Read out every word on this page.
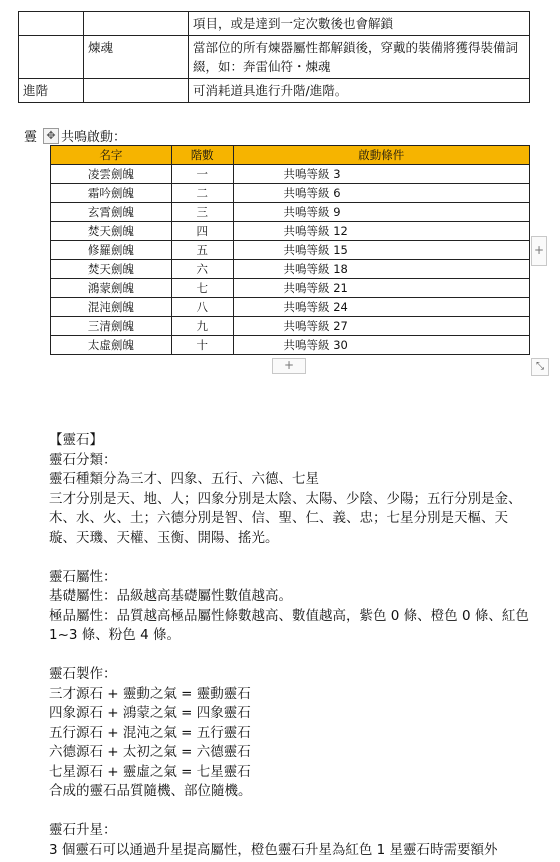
		項目，或是達到一定次數後也會解鎖
	煉魂	當部位的所有煉器屬性都解鎖後，穿戴的裝備將獲得裝備詞綴，如：奔雷仙符・煉魂
進階		可消耗道具進行升階/進階。
霻 ✥ 共鳴啟動：
名字	階數	啟動條件
凌雲劍魄	一	共鳴等級 3
霜吟劍魄	二	共鳴等級 6
玄霄劍魄	三	共鳴等級 9
焚天劍魄	四	共鳴等級 12
修羅劍魄	五	共鳴等級 15
焚天劍魄	六	共鳴等級 18
鴻蒙劍魄	七	共鳴等級 21
混沌劍魄	八	共鳴等級 24
三清劍魄	九	共鳴等級 27
太虛劍魄	十	共鳴等級 30
+
+
⤡

【靈石】

靈石分類：

靈石種類分為三才、四象、五行、六德、七星

三才分別是天、地、人；四象分別是太陰、太陽、少陰、少陽；五行分別是金、木、水、火、土；六德分別是智、信、聖、仁、義、忠；七星分別是天樞、天璇、天璣、天權、玉衡、開陽、搖光。

靈石屬性：

基礎屬性：品級越高基礎屬性數值越高。

極品屬性：品質越高極品屬性條數越高、數值越高，紫色 0 條、橙色 0 條、紅色 1~3 條、粉色 4 條。

靈石製作：

三才源石 + 靈動之氣 = 靈動靈石

四象源石 + 鴻蒙之氣 = 四象靈石

五行源石 + 混沌之氣 = 五行靈石

六德源石 + 太初之氣 = 六德靈石

七星源石 + 靈虛之氣 = 七星靈石

合成的靈石品質隨機、部位隨機。

靈石升星：

3 個靈石可以通過升星提高屬性，橙色靈石升星為紅色 1 星靈石時需要額外
